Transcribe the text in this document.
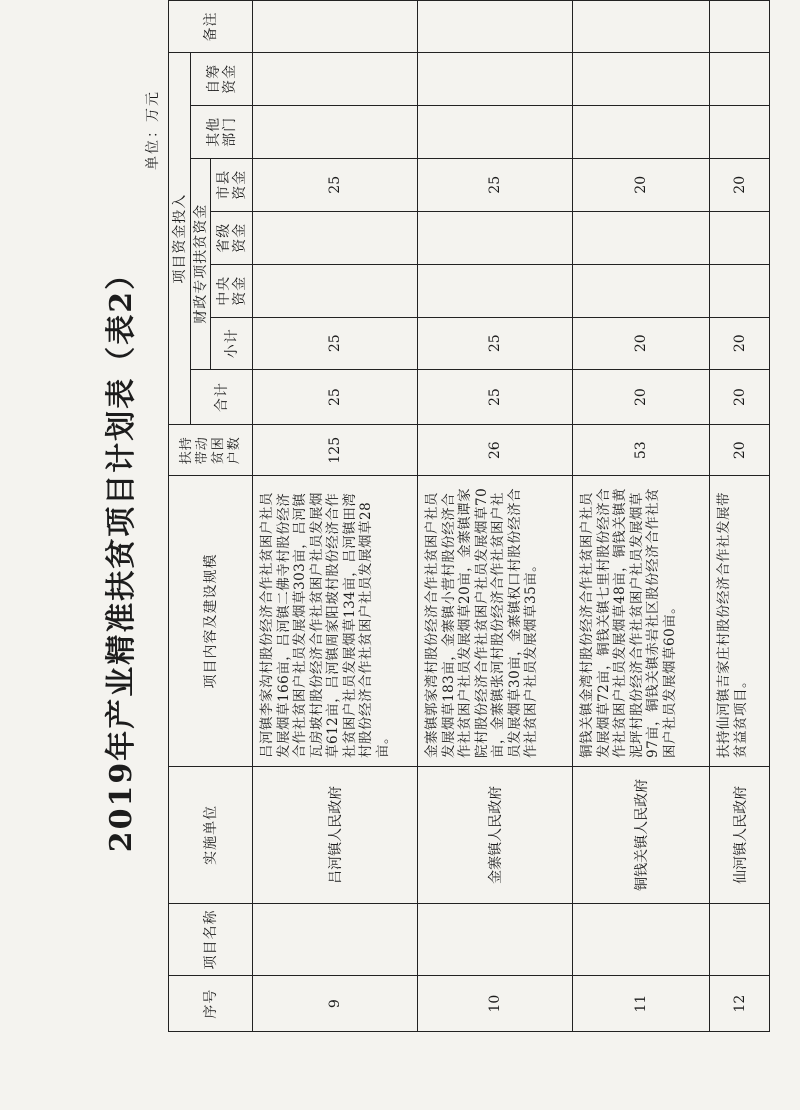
2019年产业精准扶贫项目计划表（表2）
单位：万元
序号	项目名称	实施单位	项目内容及建设规模	扶持带动贫困户数	项目资金投入							备注
					合计	财政专项扶贫资金				其他部门	自筹资金	
						小计	中央资金	省级资金	市县资金			
9		吕河镇人民政府	吕河镇李家沟村股份经济合作社贫困户社员发展烟草166亩，吕河镇二佛寺村股份经济合作社贫困户社员发展烟草303亩，吕河镇瓦房坡村股份经济合作社贫困户社员发展烟草612亩，吕河镇周家阳坡村股份经济合作社贫困户社员发展烟草134亩，吕河镇田湾村股份经济合作社贫困户社员发展烟草28亩。	125	25	25			25			
10		金寨镇人民政府	金寨镇郭家湾村股份经济合作社贫困户社员发展烟草183亩，金寨镇小营村股份经济合作社贫困户社员发展烟草20亩，金寨镇谭家院村股份经济合作社贫困户社员发展烟草70亩，金寨镇张河村股份经济合作社贫困户社员发展烟草30亩，金寨镇权口村股份经济合作社贫困户社员发展烟草35亩。	26	25	25			25			
11		铜钱关镇人民政府	铜钱关镇金湾村股份经济合作社贫困户社员发展烟草72亩，铜钱关镇七里村股份经济合作社贫困户社员发展烟草48亩，铜钱关镇黄泥坪村股份经济合作社贫困户社员发展烟草97亩，铜钱关镇赤岩社区股份经济合作社贫困户社员发展烟草60亩。	53	20	20			20			
12		仙河镇人民政府	扶持仙河镇吉家庄村股份经济合作社发展带贫益贫项目。	20	20	20			20			
